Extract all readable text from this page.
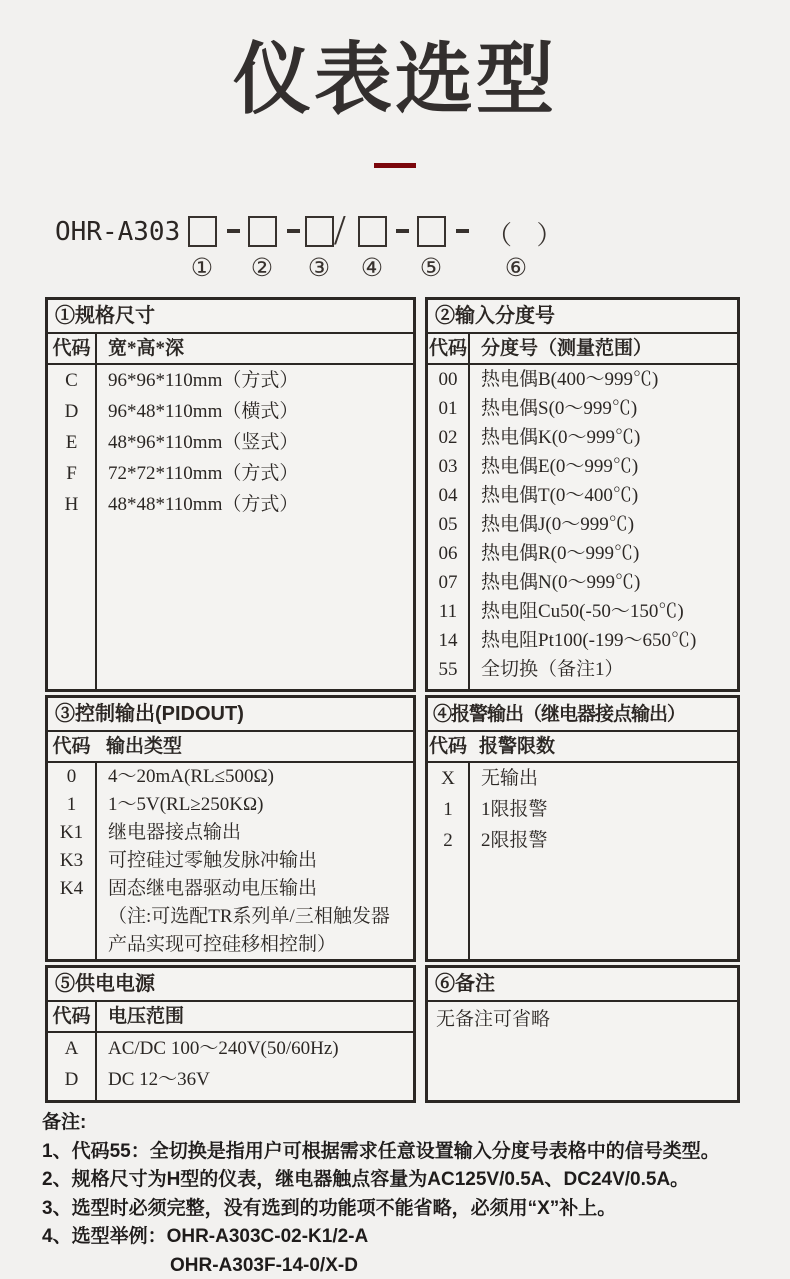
仪表选型
OHR-A303	/	（ ）
① ② ③ ④ ⑤	⑥
①规格尺寸
代码 宽*高*深
C	96*96*110mm（方式）
D	96*48*110mm（横式）
E	48*96*110mm（竖式）
F	72*72*110mm（方式）
H	48*48*110mm（方式）
②输入分度号
代码 分度号（测量范围）
00	热电偶B(400～999℃)
01	热电偶S(0～999℃)
02	热电偶K(0～999℃)
03	热电偶E(0～999℃)
04	热电偶T(0～400℃)
05	热电偶J(0～999℃)
06	热电偶R(0～999℃)
07	热电偶N(0～999℃)
11	热电阻Cu50(-50～150℃)
14	热电阻Pt100(-199～650℃)
55	全切换（备注1）
③控制输出(PIDOUT)
代码 输出类型
0	4～20mA(RL≤500Ω)
1	1～5V(RL≥250KΩ)
K1	继电器接点输出
K3	可控硅过零触发脉冲输出
K4	固态继电器驱动电压输出
（注:可选配TR系列单/三相触发器
产品实现可控硅移相控制）
④报警输出（继电器接点输出）
代码 报警限数
X	无输出
1	1限报警
2	2限报警
⑤供电电源
代码 电压范围
A	AC/DC 100～240V(50/60Hz)
D	DC 12～36V
⑥备注
无备注可省略
备注:
1、代码55：全切换是指用户可根据需求任意设置输入分度号表格中的信号类型。
2、规格尺寸为H型的仪表，继电器触点容量为AC125V/0.5A、DC24V/0.5A。
3、选型时必须完整，没有选到的功能项不能省略，必须用“X”补上。
4、选型举例：OHR-A303C-02-K1/2-A
OHR-A303F-14-0/X-D
